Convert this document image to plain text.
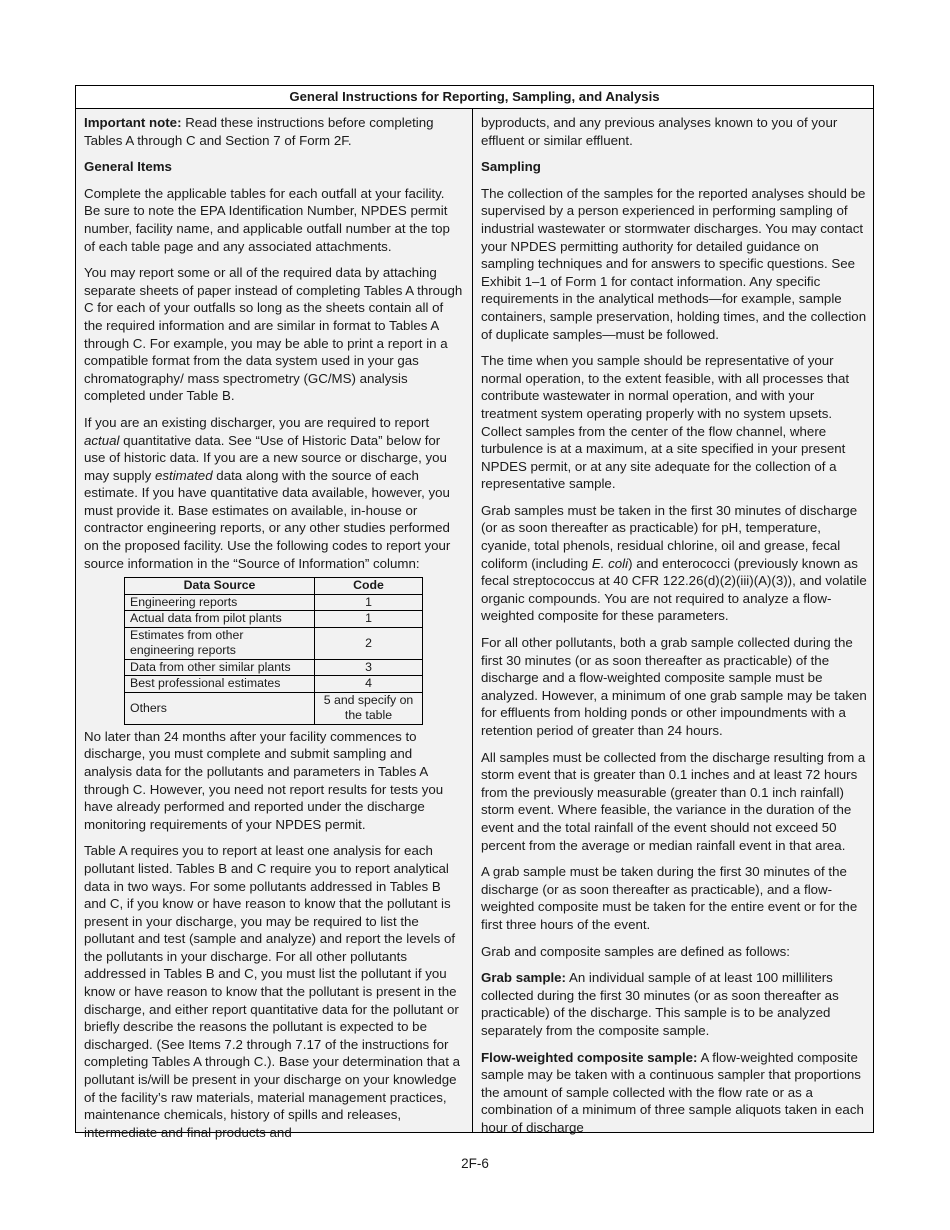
General Instructions for Reporting, Sampling, and Analysis

Important note: Read these instructions before completing Tables A through C and Section 7 of Form 2F.

General Items

Complete the applicable tables for each outfall at your facility. Be sure to note the EPA Identification Number, NPDES permit number, facility name, and applicable outfall number at the top of each table page and any associated attachments.

You may report some or all of the required data by attaching separate sheets of paper instead of completing Tables A through C for each of your outfalls so long as the sheets contain all of the required information and are similar in format to Tables A through C. For example, you may be able to print a report in a compatible format from the data system used in your gas chromatography/ mass spectrometry (GC/MS) analysis completed under Table B.

If you are an existing discharger, you are required to report actual quantitative data. See “Use of Historic Data” below for use of historic data. If you are a new source or discharge, you may supply estimated data along with the source of each estimate. If you have quantitative data available, however, you must provide it. Base estimates on available, in-house or contractor engineering reports, or any other studies performed on the proposed facility. Use the following codes to report your source information in the “Source of Information” column:

Data Source	Code
Engineering reports	1
Actual data from pilot plants	1
Estimates from other engineering reports	2
Data from other similar plants	3
Best professional estimates	4
Others	5 and specify on the table

No later than 24 months after your facility commences to discharge, you must complete and submit sampling and analysis data for the pollutants and parameters in Tables A through C. However, you need not report results for tests you have already performed and reported under the discharge monitoring requirements of your NPDES permit.

Table A requires you to report at least one analysis for each pollutant listed. Tables B and C require you to report analytical data in two ways. For some pollutants addressed in Tables B and C, if you know or have reason to know that the pollutant is present in your discharge, you may be required to list the pollutant and test (sample and analyze) and report the levels of the pollutants in your discharge. For all other pollutants addressed in Tables B and C, you must list the pollutant if you know or have reason to know that the pollutant is present in the discharge, and either report quantitative data for the pollutant or briefly describe the reasons the pollutant is expected to be discharged. (See Items 7.2 through 7.17 of the instructions for completing Tables A through C.). Base your determination that a pollutant is/will be present in your discharge on your knowledge of the facility’s raw materials, material management practices, maintenance chemicals, history of spills and releases, intermediate and final products and

byproducts, and any previous analyses known to you of your effluent or similar effluent.

Sampling

The collection of the samples for the reported analyses should be supervised by a person experienced in performing sampling of industrial wastewater or stormwater discharges. You may contact your NPDES permitting authority for detailed guidance on sampling techniques and for answers to specific questions. See Exhibit 1–1 of Form 1 for contact information. Any specific requirements in the analytical methods—for example, sample containers, sample preservation, holding times, and the collection of duplicate samples—must be followed.

The time when you sample should be representative of your normal operation, to the extent feasible, with all processes that contribute wastewater in normal operation, and with your treatment system operating properly with no system upsets. Collect samples from the center of the flow channel, where turbulence is at a maximum, at a site specified in your present NPDES permit, or at any site adequate for the collection of a representative sample.

Grab samples must be taken in the first 30 minutes of discharge (or as soon thereafter as practicable) for pH, temperature, cyanide, total phenols, residual chlorine, oil and grease, fecal coliform (including E. coli) and enterococci (previously known as fecal streptococcus at 40 CFR 122.26(d)(2)(iii)(A)(3)), and volatile organic compounds. You are not required to analyze a flow-weighted composite for these parameters.

For all other pollutants, both a grab sample collected during the first 30 minutes (or as soon thereafter as practicable) of the discharge and a flow-weighted composite sample must be analyzed. However, a minimum of one grab sample may be taken for effluents from holding ponds or other impoundments with a retention period of greater than 24 hours.

All samples must be collected from the discharge resulting from a storm event that is greater than 0.1 inches and at least 72 hours from the previously measurable (greater than 0.1 inch rainfall) storm event. Where feasible, the variance in the duration of the event and the total rainfall of the event should not exceed 50 percent from the average or median rainfall event in that area.

A grab sample must be taken during the first 30 minutes of the discharge (or as soon thereafter as practicable), and a flow-weighted composite must be taken for the entire event or for the first three hours of the event.

Grab and composite samples are defined as follows:

Grab sample: An individual sample of at least 100 milliliters collected during the first 30 minutes (or as soon thereafter as practicable) of the discharge. This sample is to be analyzed separately from the composite sample.

Flow-weighted composite sample: A flow-weighted composite sample may be taken with a continuous sampler that proportions the amount of sample collected with the flow rate or as a combination of a minimum of three sample aliquots taken in each hour of discharge

2F-6
